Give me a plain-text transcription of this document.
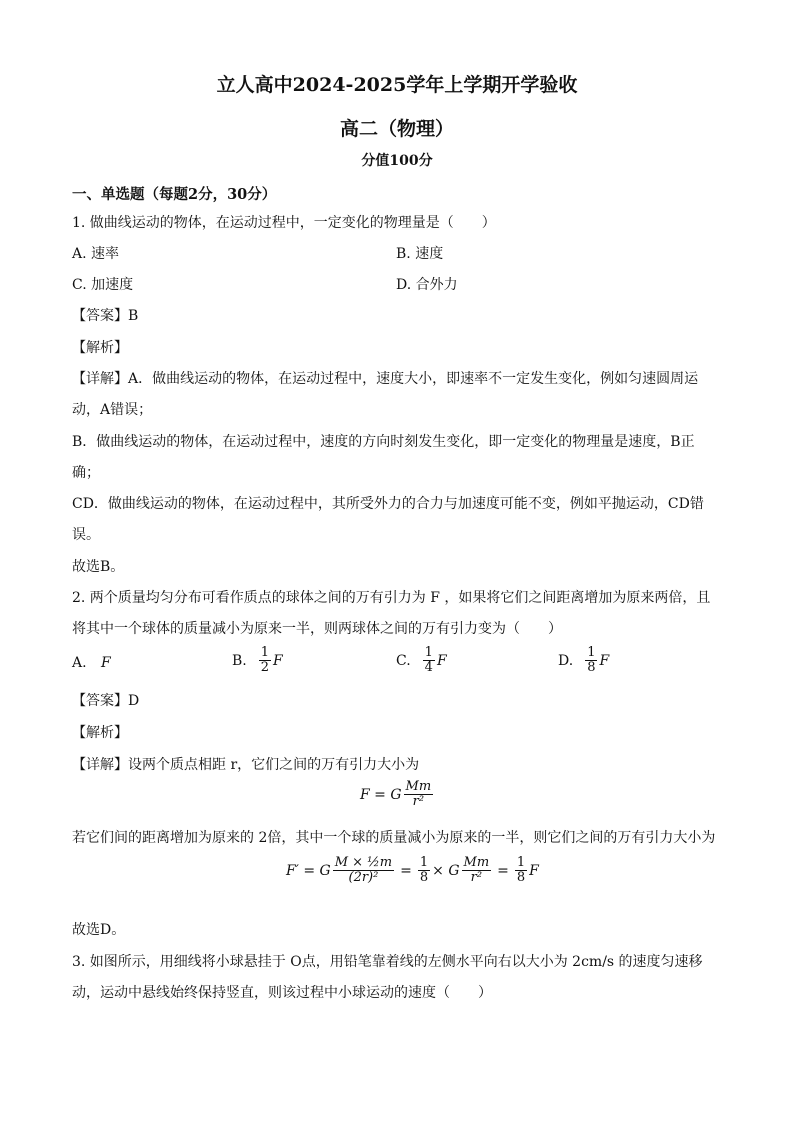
立人高中2024-2025学年上学期开学验收
高二（物理）
分值100分
一、单选题（每题2分，30分）
1. 做曲线运动的物体，在运动过程中，一定变化的物理量是（　　）
A. 速率	B. 速度
C. 加速度	D. 合外力
【答案】B
【解析】
【详解】A．做曲线运动的物体，在运动过程中，速度大小，即速率不一定发生变化，例如匀速圆周运
动，A错误；
B．做曲线运动的物体，在运动过程中，速度的方向时刻发生变化，即一定变化的物理量是速度，B正
确；
CD．做曲线运动的物体，在运动过程中，其所受外力的合力与加速度可能不变，例如平抛运动，CD错
误。
故选B。
2. 两个质量均匀分布可看作质点的球体之间的万有引力为 F ，如果将它们之间距离增加为原来两倍，且
将其中一个球体的质量减小为原来一半，则两球体之间的万有引力变为（　　）
A. F	B. $\frac{1}{2}$ F	C. $\frac{1}{4}$ F	D. $\frac{1}{8}$ F
【答案】D
【解析】
【详解】设两个质点相距 r，它们之间的万有引力大小为
F = G $\frac{Mm}{\text{r²}}$
若它们间的距离增加为原来的 2倍，其中一个球的质量减小为原来的一半，则它们之间的万有引力大小为
F′ = G $\frac{\text{M × ½m}}{\text{(2r)²}} = \frac{1}{8} \times G \frac{Mm}{\text{r²}} = \frac{1}{8}$ F
故选D。
3. 如图所示，用细线将小球悬挂于 O点，用铅笔靠着线的左侧水平向右以大小为 2cm/s 的速度匀速移
动，运动中悬线始终保持竖直，则该过程中小球运动的速度（　　）
